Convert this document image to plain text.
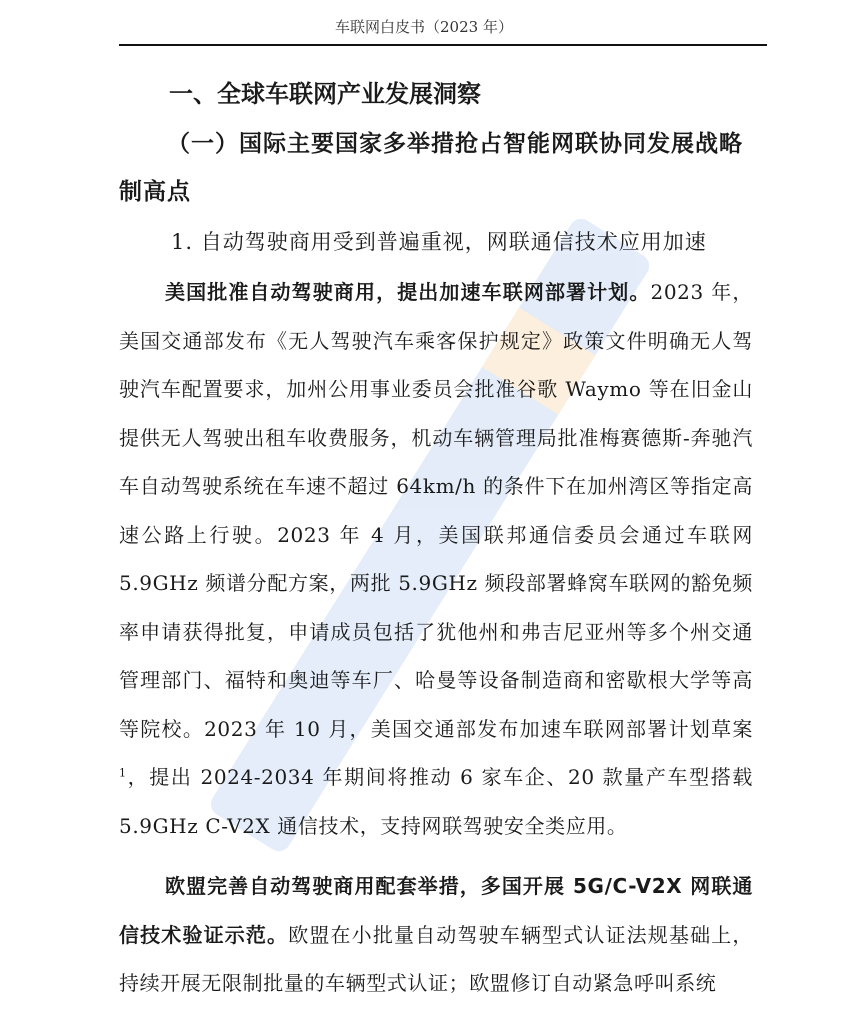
车联网白皮书（2023 年）

一、全球车联网产业发展洞察

（一）国际主要国家多举措抢占智能网联协同发展战略制高点

1. 自动驾驶商用受到普遍重视，网联通信技术应用加速

美国批准自动驾驶商用，提出加速车联网部署计划。2023 年，美国交通部发布《无人驾驶汽车乘客保护规定》政策文件明确无人驾驶汽车配置要求，加州公用事业委员会批准谷歌 Waymo 等在旧金山提供无人驾驶出租车收费服务，机动车辆管理局批准梅赛德斯-奔驰汽车自动驾驶系统在车速不超过 64km/h 的条件下在加州湾区等指定高速公路上行驶。2023 年 4 月，美国联邦通信委员会通过车联网 5.9GHz 频谱分配方案，两批 5.9GHz 频段部署蜂窝车联网的豁免频率申请获得批复，申请成员包括了犹他州和弗吉尼亚州等多个州交通管理部门、福特和奥迪等车厂、哈曼等设备制造商和密歇根大学等高等院校。2023 年 10 月，美国交通部发布加速车联网部署计划草案$^1$，提出 2024-2034 年期间将推动 6 家车企、20 款量产车型搭载 5.9GHz C-V2X 通信技术，支持网联驾驶安全类应用。

欧盟完善自动驾驶商用配套举措，多国开展 5G/C-V2X 网联通信技术验证示范。欧盟在小批量自动驾驶车辆型式认证法规基础上，持续开展无限制批量的车辆型式认证；欧盟修订自动紧急呼叫系统
